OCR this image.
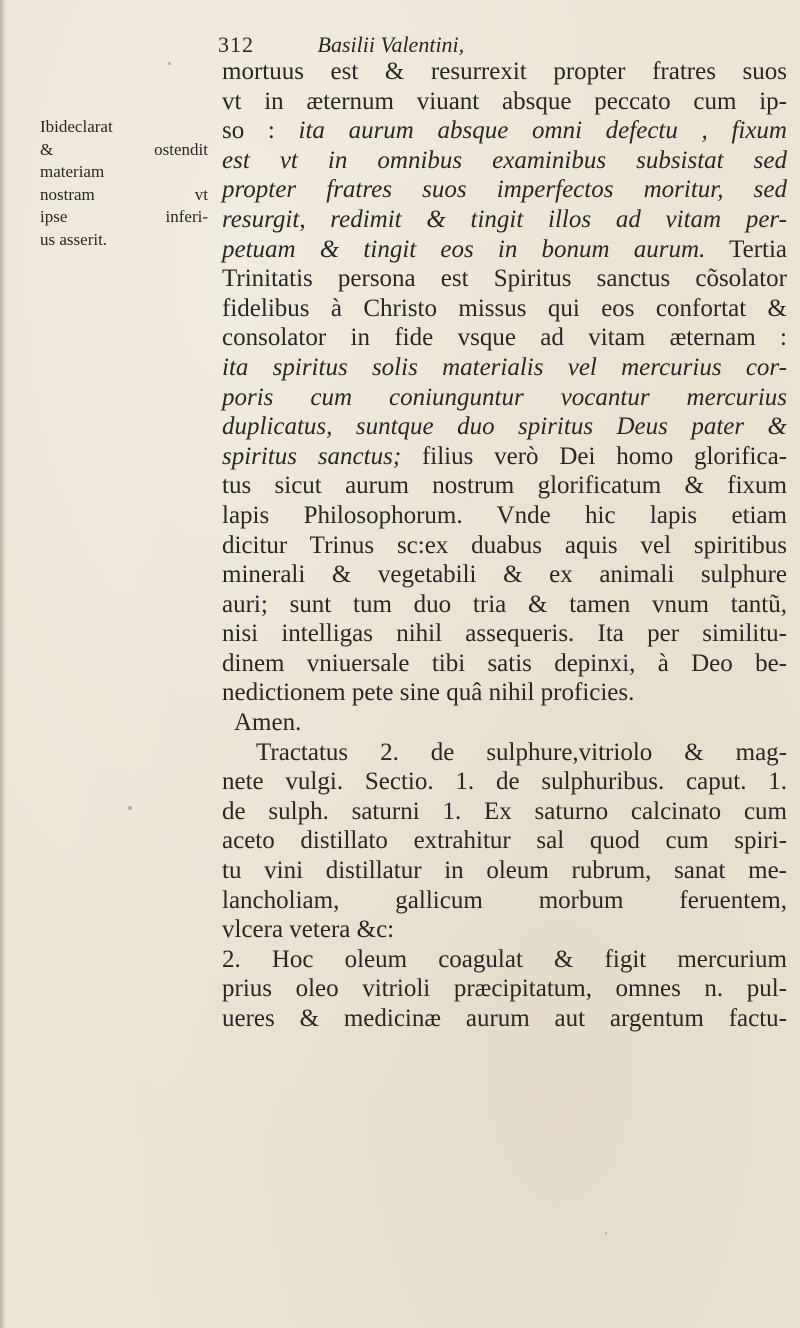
312	Basilii Valentini,
Ibideclarat
& ostendit
materiam
nostram vt
ipse inferi-
us asserit.
mortuus est & resurrexit propter fratres suos
vt in æternum viuant absque peccato cum ip-
so : ita aurum absque omni defectu , fixum
est vt in omnibus examinibus subsistat sed
propter fratres suos imperfectos moritur, sed
resurgit, redimit & tingit illos ad vitam per-
petuam & tingit eos in bonum aurum. Tertia
Trinitatis persona est Spiritus sanctus cõsolator
fidelibus à Christo missus qui eos confortat &
consolator in fide vsque ad vitam æternam :
ita spiritus solis materialis vel mercurius cor-
poris cum coniunguntur vocantur mercurius
duplicatus, suntque duo spiritus Deus pater &
spiritus sanctus; filius verò Dei homo glorifica-
tus sicut aurum nostrum glorificatum & fixum
lapis Philosophorum. Vnde hic lapis etiam
dicitur Trinus sc:ex duabus aquis vel spiritibus
minerali & vegetabili & ex animali sulphure
auri; sunt tum duo tria & tamen vnum tantũ,
nisi intelligas nihil assequeris. Ita per similitu-
dinem vniuersale tibi satis depinxi, à Deo be-
nedictionem pete sine quâ nihil proficies.
Amen.
Tractatus 2. de sulphure,vitriolo & mag-
nete vulgi. Sectio. 1. de sulphuribus. caput. 1.
de sulph. saturni 1. Ex saturno calcinato cum
aceto distillato extrahitur sal quod cum spiri-
tu vini distillatur in oleum rubrum, sanat me-
lancholiam, gallicum morbum feruentem,
vlcera vetera &c:
2. Hoc oleum coagulat & figit mercurium
prius oleo vitrioli præcipitatum, omnes n. pul-
ueres & medicinæ aurum aut argentum factu-
